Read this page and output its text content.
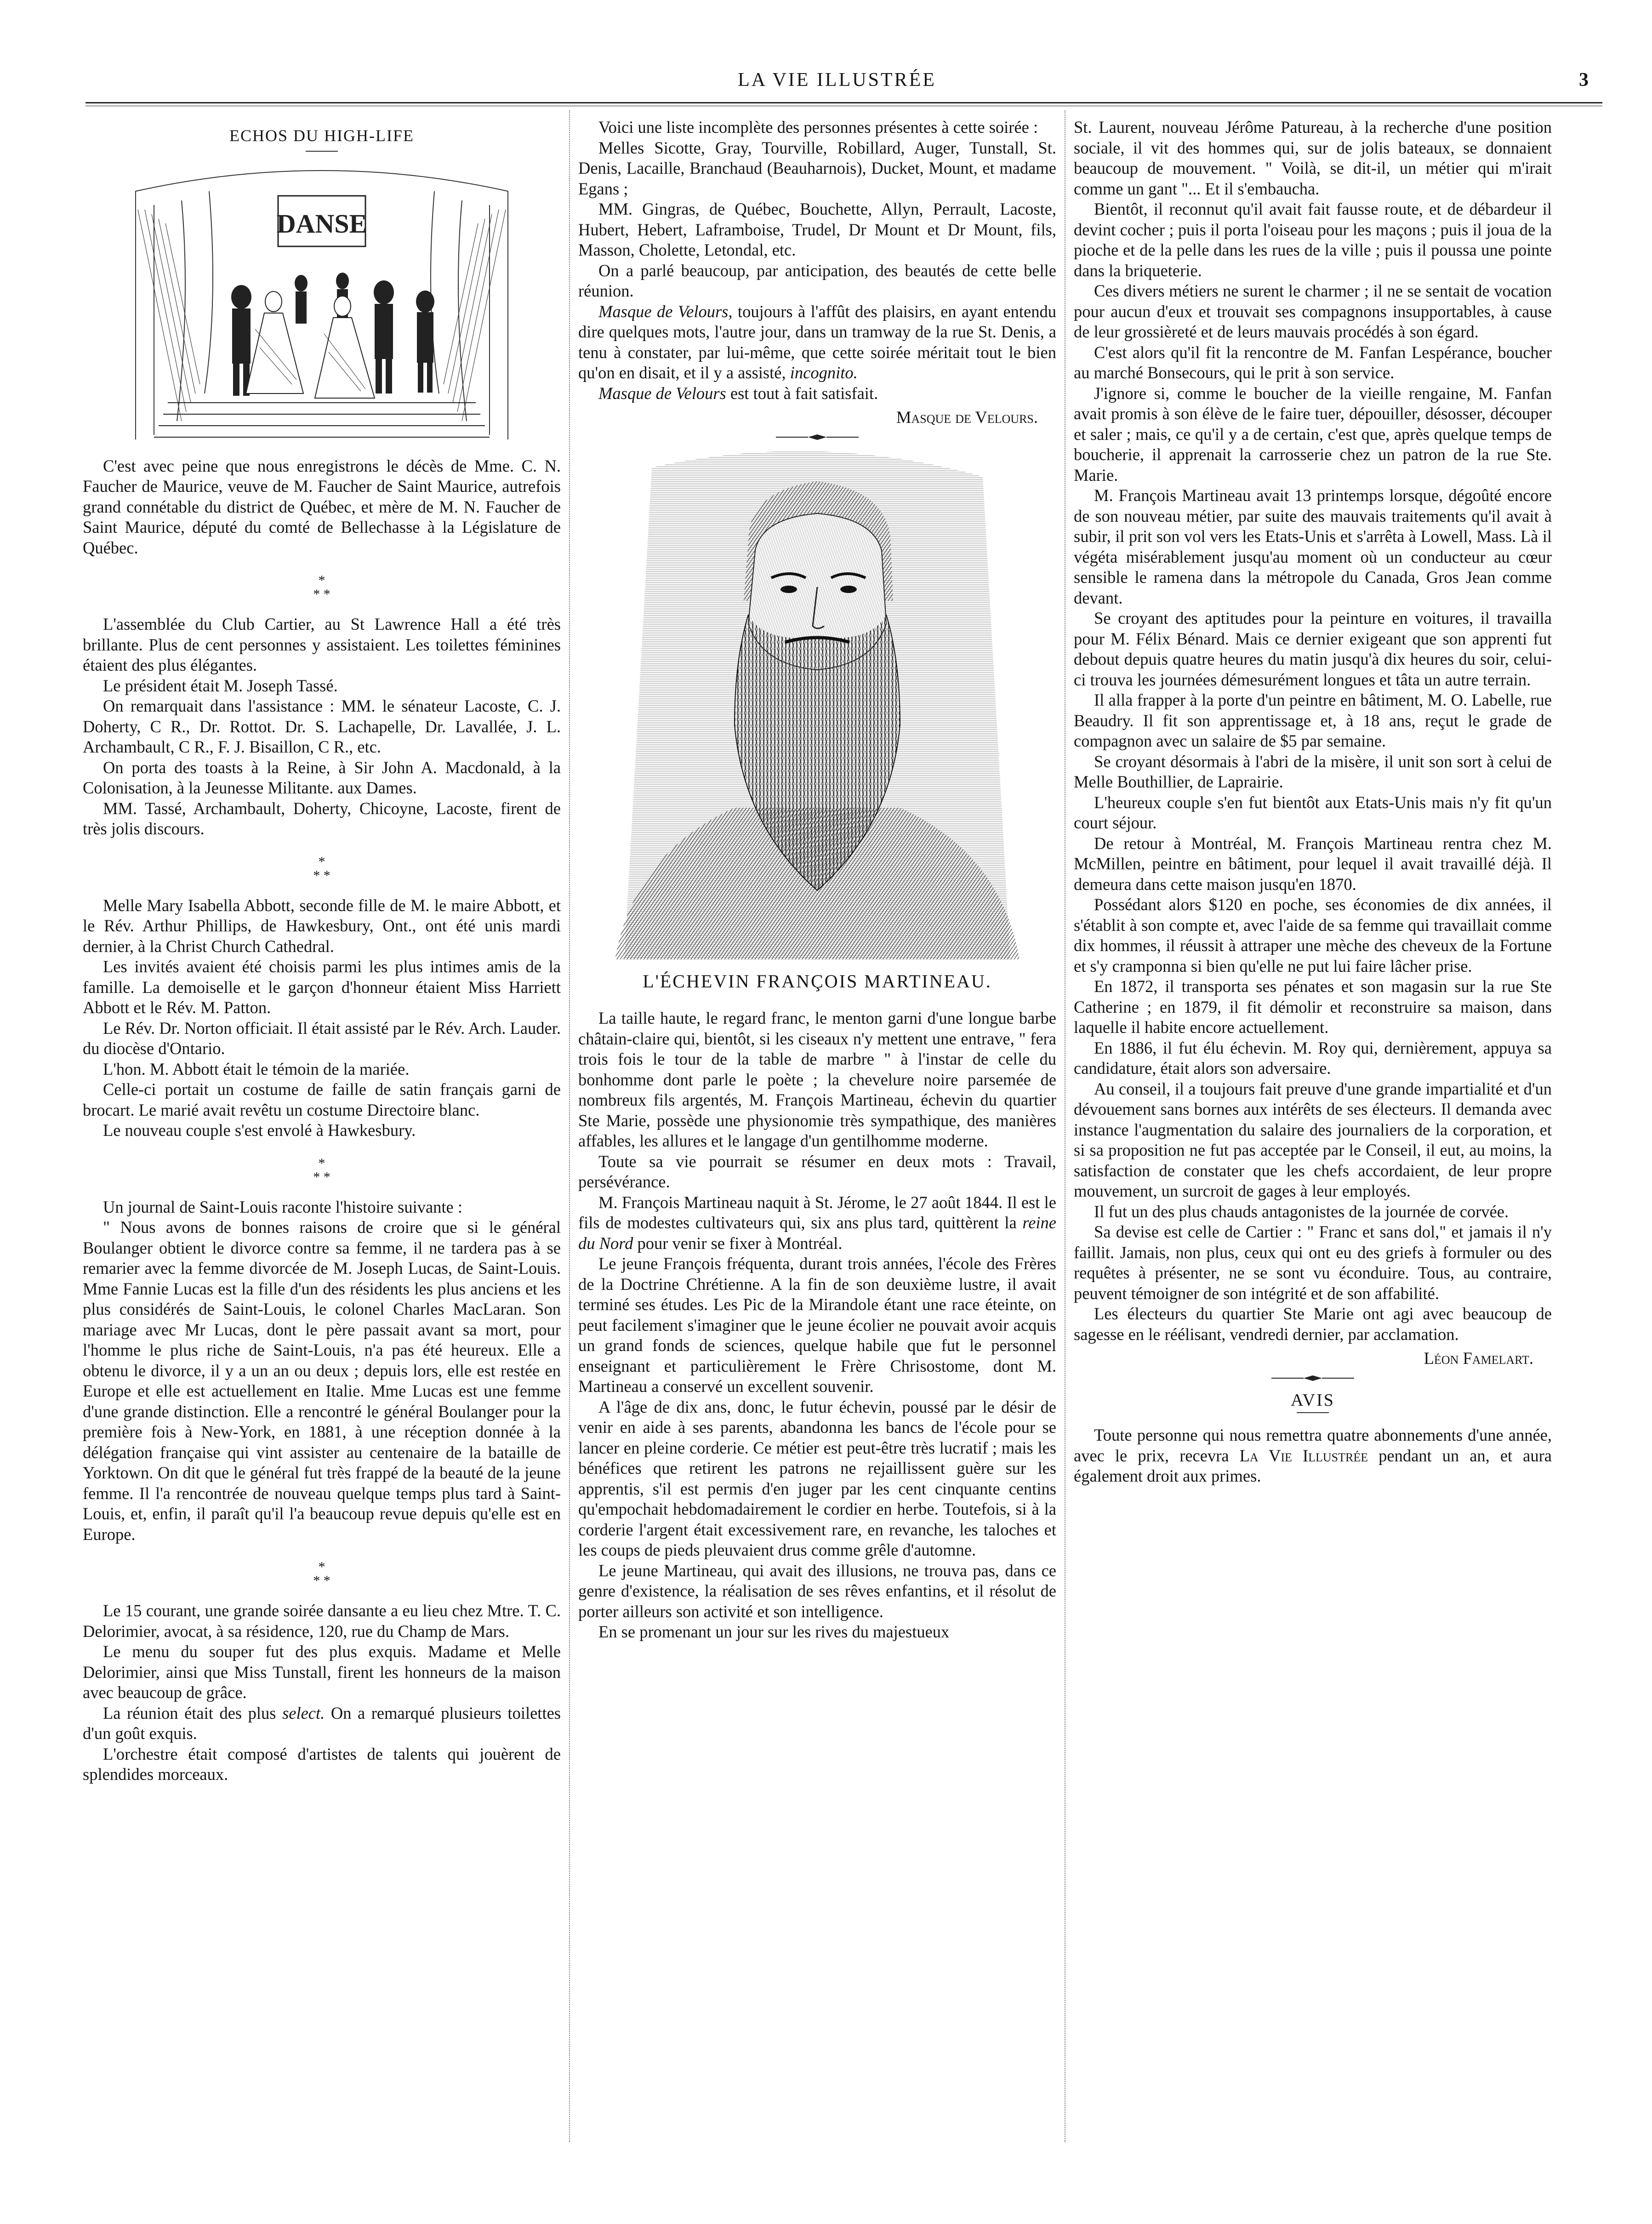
LA VIE ILLUSTRÉE	3
ECHOS DU HIGH-LIFE
DANSE

C'est avec peine que nous enregistrons le décès de Mme. C. N. Faucher de Maurice, veuve de M. Faucher de Saint Maurice, autrefois grand connétable du district de Québec, et mère de M. N. Faucher de Saint Maurice, député du comté de Bellechasse à la Législature de Québec.

*
* *

L'assemblée du Club Cartier, au St Lawrence Hall a été très brillante. Plus de cent personnes y assistaient. Les toilettes féminines étaient des plus élégantes.

Le président était M. Joseph Tassé.

On remarquait dans l'assistance : MM. le sénateur Lacoste, C. J. Doherty, C R., Dr. Rottot. Dr. S. Lachapelle, Dr. Lavallée, J. L. Archambault, C R., F. J. Bisaillon, C R., etc.

On porta des toasts à la Reine, à Sir John A. Macdonald, à la Colonisation, à la Jeunesse Militante. aux Dames.

MM. Tassé, Archambault, Doherty, Chicoyne, Lacoste, firent de très jolis discours.

*
* *

Melle Mary Isabella Abbott, seconde fille de M. le maire Abbott, et le Rév. Arthur Phillips, de Hawkesbury, Ont., ont été unis mardi dernier, à la Christ Church Cathedral.

Les invités avaient été choisis parmi les plus intimes amis de la famille. La demoiselle et le garçon d'honneur étaient Miss Harriett Abbott et le Rév. M. Patton.

Le Rév. Dr. Norton officiait. Il était assisté par le Rév. Arch. Lauder. du diocèse d'Ontario.

L'hon. M. Abbott était le témoin de la mariée.

Celle-ci portait un costume de faille de satin français garni de brocart. Le marié avait revêtu un costume Directoire blanc.

Le nouveau couple s'est envolé à Hawkesbury.

*
* *

Un journal de Saint-Louis raconte l'histoire suivante :

" Nous avons de bonnes raisons de croire que si le général Boulanger obtient le divorce contre sa femme, il ne tardera pas à se remarier avec la femme divorcée de M. Joseph Lucas, de Saint-Louis. Mme Fannie Lucas est la fille d'un des résidents les plus anciens et les plus considérés de Saint-Louis, le colonel Charles MacLaran. Son mariage avec Mr Lucas, dont le père passait avant sa mort, pour l'homme le plus riche de Saint-Louis, n'a pas été heureux. Elle a obtenu le divorce, il y a un an ou deux ; depuis lors, elle est restée en Europe et elle est actuellement en Italie. Mme Lucas est une femme d'une grande distinction. Elle a rencontré le général Boulanger pour la première fois à New-York, en 1881, à une réception donnée à la délégation française qui vint assister au centenaire de la bataille de Yorktown. On dit que le général fut très frappé de la beauté de la jeune femme. Il l'a rencontrée de nouveau quelque temps plus tard à Saint-Louis, et, enfin, il paraît qu'il l'a beaucoup revue depuis qu'elle est en Europe.

*
* *

Le 15 courant, une grande soirée dansante a eu lieu chez Mtre. T. C. Delorimier, avocat, à sa résidence, 120, rue du Champ de Mars.

Le menu du souper fut des plus exquis. Madame et Melle Delorimier, ainsi que Miss Tunstall, firent les honneurs de la maison avec beaucoup de grâce.

La réunion était des plus select. On a remarqué plusieurs toilettes d'un goût exquis.

L'orchestre était composé d'artistes de talents qui jouèrent de splendides morceaux.

Voici une liste incomplète des personnes présentes à cette soirée :

Melles Sicotte, Gray, Tourville, Robillard, Auger, Tunstall, St. Denis, Lacaille, Branchaud (Beauharnois), Ducket, Mount, et madame Egans ;

MM. Gingras, de Québec, Bouchette, Allyn, Perrault, Lacoste, Hubert, Hebert, Laframboise, Trudel, Dr Mount et Dr Mount, fils, Masson, Cholette, Letondal, etc.

On a parlé beaucoup, par anticipation, des beautés de cette belle réunion.

Masque de Velours, toujours à l'affût des plaisirs, en ayant entendu dire quelques mots, l'autre jour, dans un tramway de la rue St. Denis, a tenu à constater, par lui-même, que cette soirée méritait tout le bien qu'on en disait, et il y a assisté, incognito.

Masque de Velours est tout à fait satisfait.

Masque de Velours.
L'ÉCHEVIN FRANÇOIS MARTINEAU.

La taille haute, le regard franc, le menton garni d'une longue barbe châtain-claire qui, bientôt, si les ciseaux n'y mettent une entrave, " fera trois fois le tour de la table de marbre " à l'instar de celle du bonhomme dont parle le poète ; la chevelure noire parsemée de nombreux fils argentés, M. François Martineau, échevin du quartier Ste Marie, possède une physionomie très sympathique, des manières affables, les allures et le langage d'un gentilhomme moderne.

Toute sa vie pourrait se résumer en deux mots : Travail, persévérance.

M. François Martineau naquit à St. Jérome, le 27 août 1844. Il est le fils de modestes cultivateurs qui, six ans plus tard, quittèrent la reine du Nord pour venir se fixer à Montréal.

Le jeune François fréquenta, durant trois années, l'école des Frères de la Doctrine Chrétienne. A la fin de son deuxième lustre, il avait terminé ses études. Les Pic de la Mirandole étant une race éteinte, on peut facilement s'imaginer que le jeune écolier ne pouvait avoir acquis un grand fonds de sciences, quelque habile que fut le personnel enseignant et particulièrement le Frère Chrisostome, dont M. Martineau a conservé un excellent souvenir.

A l'âge de dix ans, donc, le futur échevin, poussé par le désir de venir en aide à ses parents, abandonna les bancs de l'école pour se lancer en pleine corderie. Ce métier est peut-être très lucratif ; mais les bénéfices que retirent les patrons ne rejaillissent guère sur les apprentis, s'il est permis d'en juger par les cent cinquante centins qu'empochait hebdomadairement le cordier en herbe. Toutefois, si à la corderie l'argent était excessivement rare, en revanche, les taloches et les coups de pieds pleuvaient drus comme grêle d'automne.

Le jeune Martineau, qui avait des illusions, ne trouva pas, dans ce genre d'existence, la réalisation de ses rêves enfantins, et il résolut de porter ailleurs son activité et son intelligence.

En se promenant un jour sur les rives du majestueux

St. Laurent, nouveau Jérôme Patureau, à la recherche d'une position sociale, il vit des hommes qui, sur de jolis bateaux, se donnaient beaucoup de mouvement. " Voilà, se dit-il, un métier qui m'irait comme un gant "... Et il s'embaucha.

Bientôt, il reconnut qu'il avait fait fausse route, et de débardeur il devint cocher ; puis il porta l'oiseau pour les maçons ; puis il joua de la pioche et de la pelle dans les rues de la ville ; puis il poussa une pointe dans la briqueterie.

Ces divers métiers ne surent le charmer ; il ne se sentait de vocation pour aucun d'eux et trouvait ses compagnons insupportables, à cause de leur grossièreté et de leurs mauvais procédés à son égard.

C'est alors qu'il fit la rencontre de M. Fanfan Lespérance, boucher au marché Bonsecours, qui le prit à son service.

J'ignore si, comme le boucher de la vieille rengaine, M. Fanfan avait promis à son élève de le faire tuer, dépouiller, désosser, découper et saler ; mais, ce qu'il y a de certain, c'est que, après quelque temps de boucherie, il apprenait la carrosserie chez un patron de la rue Ste. Marie.

M. François Martineau avait 13 printemps lorsque, dégoûté encore de son nouveau métier, par suite des mauvais traitements qu'il avait à subir, il prit son vol vers les Etats-Unis et s'arrêta à Lowell, Mass. Là il végéta misérablement jusqu'au moment où un conducteur au cœur sensible le ramena dans la métropole du Canada, Gros Jean comme devant.

Se croyant des aptitudes pour la peinture en voitures, il travailla pour M. Félix Bénard. Mais ce dernier exigeant que son apprenti fut debout depuis quatre heures du matin jusqu'à dix heures du soir, celui-ci trouva les journées démesurément longues et tâta un autre terrain.

Il alla frapper à la porte d'un peintre en bâtiment, M. O. Labelle, rue Beaudry. Il fit son apprentissage et, à 18 ans, reçut le grade de compagnon avec un salaire de $5 par semaine.

Se croyant désormais à l'abri de la misère, il unit son sort à celui de Melle Bouthillier, de Laprairie.

L'heureux couple s'en fut bientôt aux Etats-Unis mais n'y fit qu'un court séjour.

De retour à Montréal, M. François Martineau rentra chez M. McMillen, peintre en bâtiment, pour lequel il avait travaillé déjà. Il demeura dans cette maison jusqu'en 1870.

Possédant alors $120 en poche, ses économies de dix années, il s'établit à son compte et, avec l'aide de sa femme qui travaillait comme dix hommes, il réussit à attraper une mèche des cheveux de la Fortune et s'y cramponna si bien qu'elle ne put lui faire lâcher prise.

En 1872, il transporta ses pénates et son magasin sur la rue Ste Catherine ; en 1879, il fit démolir et reconstruire sa maison, dans laquelle il habite encore actuellement.

En 1886, il fut élu échevin. M. Roy qui, dernièrement, appuya sa candidature, était alors son adversaire.

Au conseil, il a toujours fait preuve d'une grande impartialité et d'un dévouement sans bornes aux intérêts de ses électeurs. Il demanda avec instance l'augmentation du salaire des journaliers de la corporation, et si sa proposition ne fut pas acceptée par le Conseil, il eut, au moins, la satisfaction de constater que les chefs accordaient, de leur propre mouvement, un surcroit de gages à leur employés.

Il fut un des plus chauds antagonistes de la journée de corvée.

Sa devise est celle de Cartier : " Franc et sans dol," et jamais il n'y faillit. Jamais, non plus, ceux qui ont eu des griefs à formuler ou des requêtes à présenter, ne se sont vu éconduire. Tous, au contraire, peuvent témoigner de son intégrité et de son affabilité.

Les électeurs du quartier Ste Marie ont agi avec beaucoup de sagesse en le réélisant, vendredi dernier, par acclamation.

Léon Famelart.
AVIS

Toute personne qui nous remettra quatre abonnements d'une année, avec le prix, recevra La Vie Illustrée pendant un an, et aura également droit aux primes.
